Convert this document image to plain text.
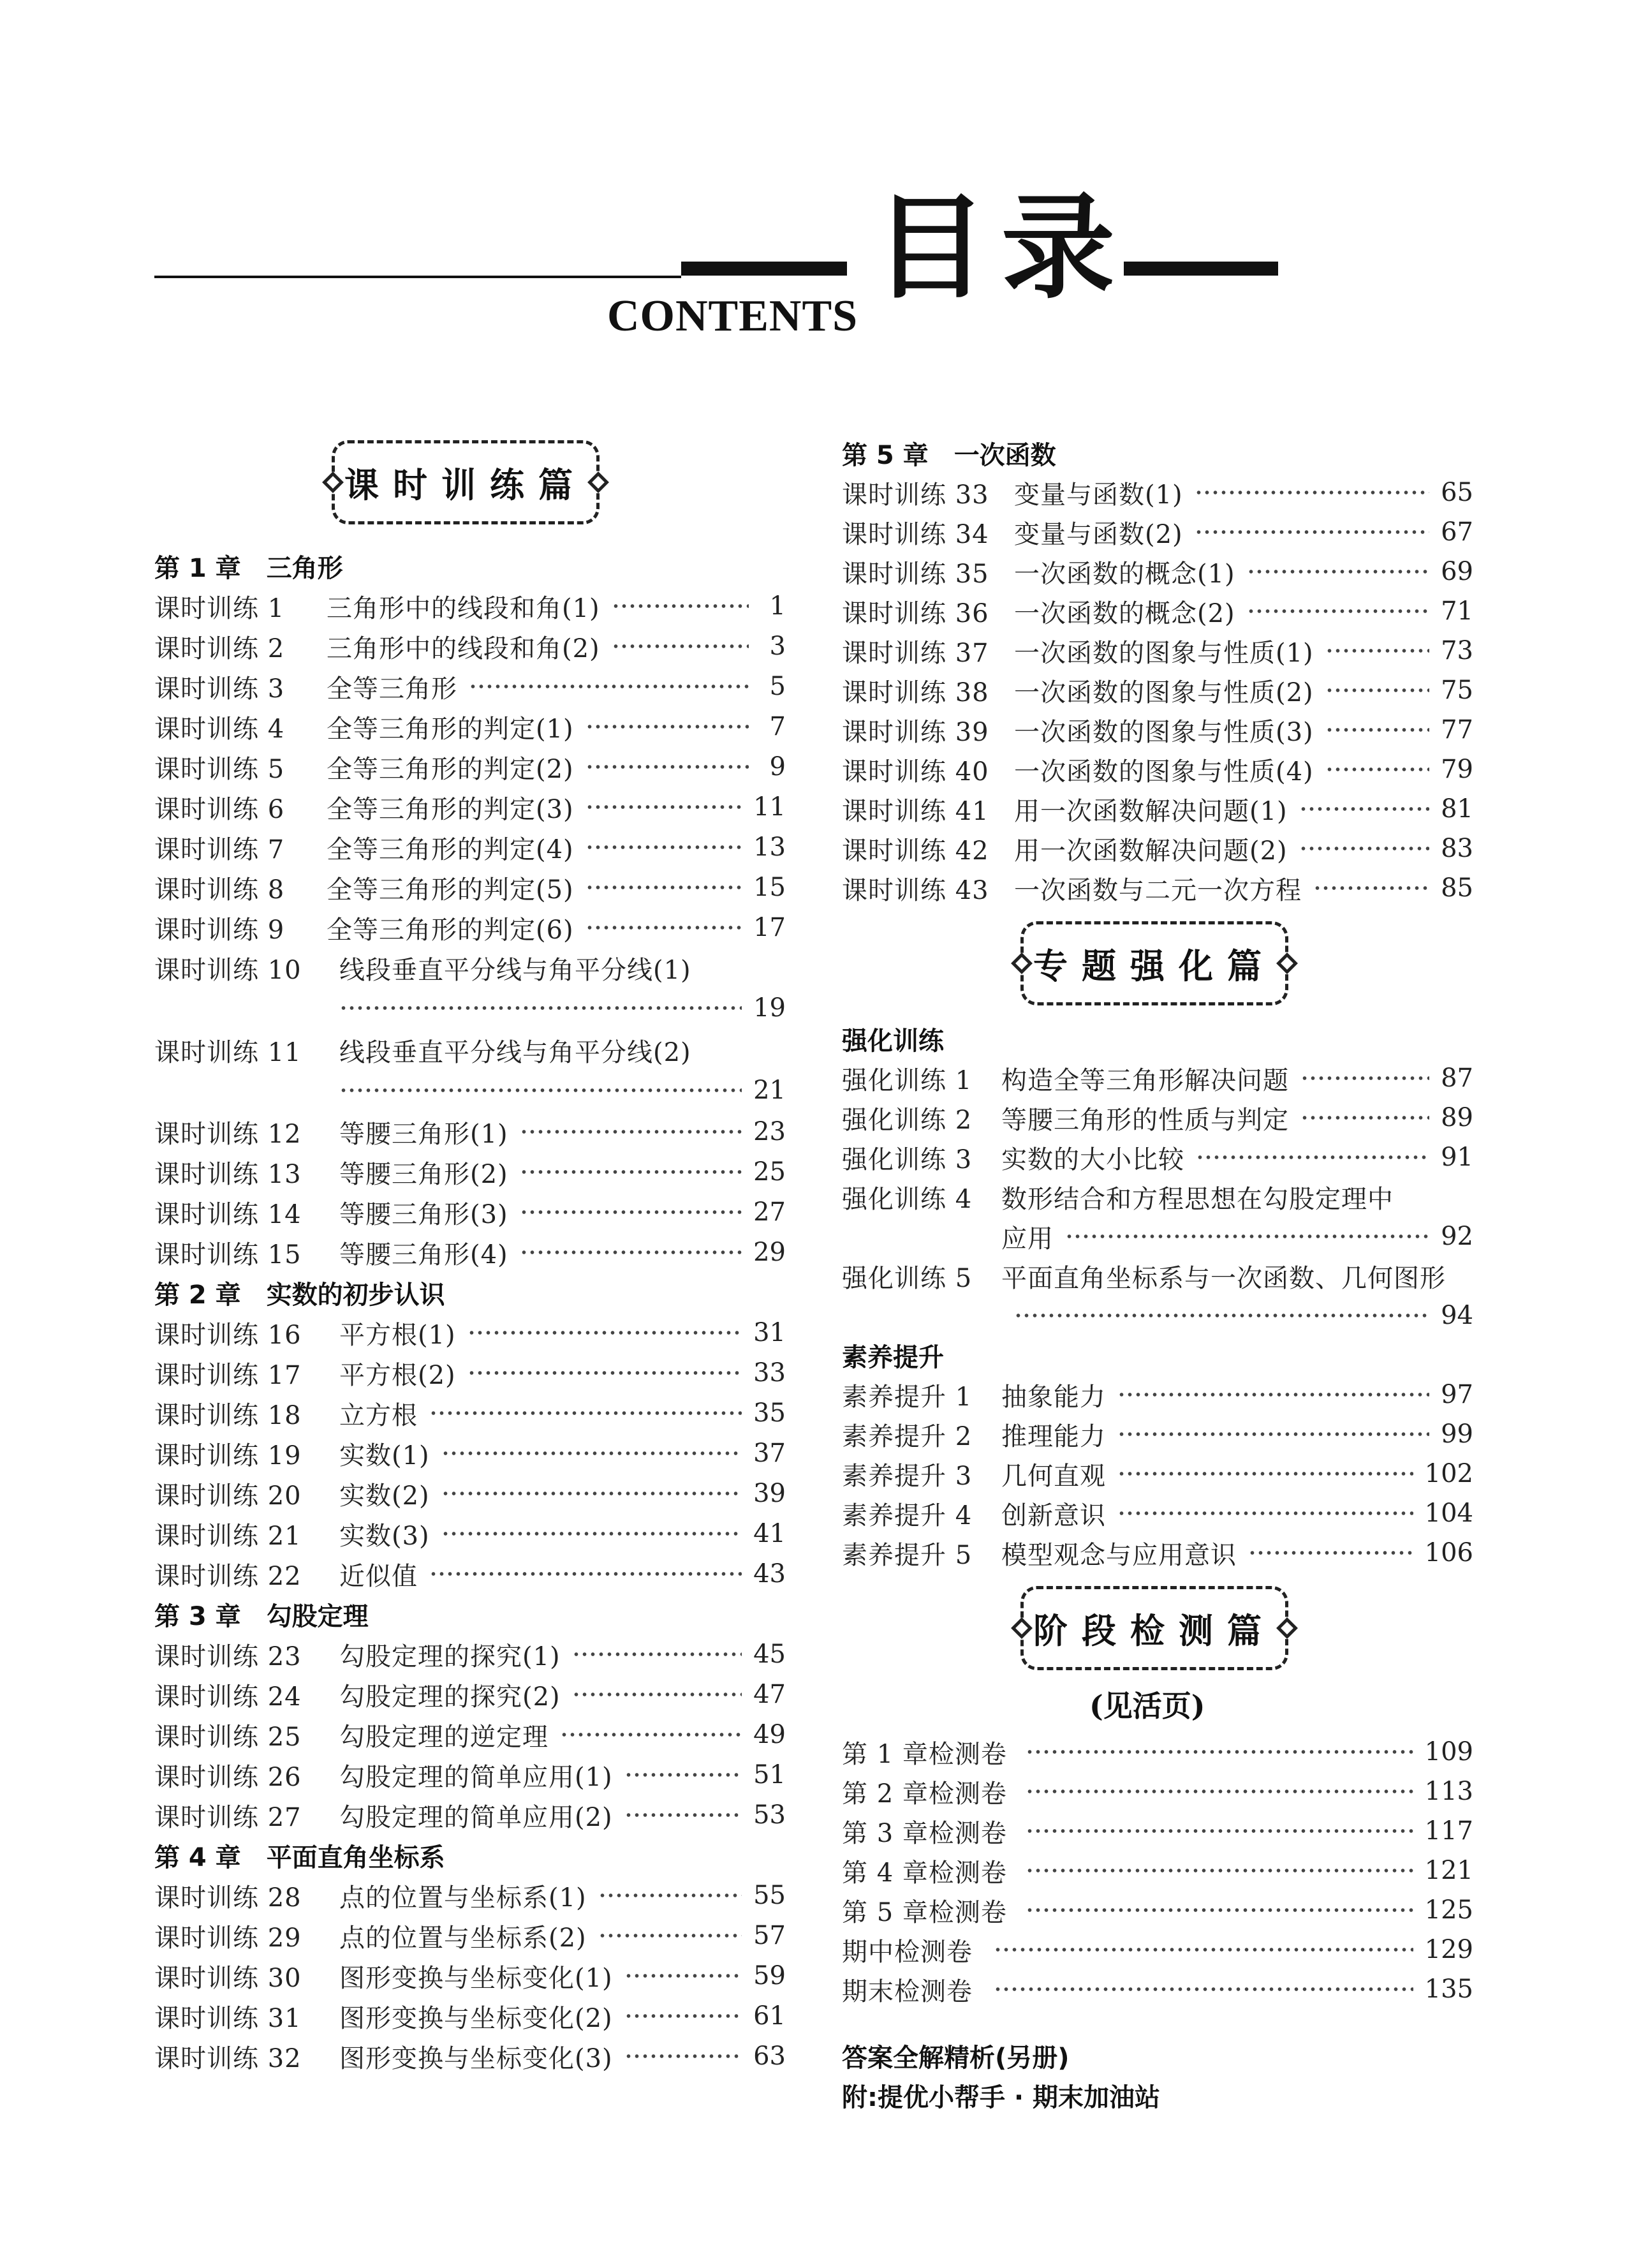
目录
CONTENTS
课时训练篇
第 1 章 三角形
课时训练 1	三角形中的线段和角(1)	1
课时训练 2	三角形中的线段和角(2)	3
课时训练 3	全等三角形	5
课时训练 4	全等三角形的判定(1)	7
课时训练 5	全等三角形的判定(2)	9
课时训练 6	全等三角形的判定(3)	11
课时训练 7	全等三角形的判定(4)	13
课时训练 8	全等三角形的判定(5)	15
课时训练 9	全等三角形的判定(6)	17
课时训练 10	线段垂直平分线与角平分线(1)
19
课时训练 11	线段垂直平分线与角平分线(2)
21
课时训练 12	等腰三角形(1)	23
课时训练 13	等腰三角形(2)	25
课时训练 14	等腰三角形(3)	27
课时训练 15	等腰三角形(4)	29
第 2 章 实数的初步认识
课时训练 16	平方根(1)	31
课时训练 17	平方根(2)	33
课时训练 18	立方根	35
课时训练 19	实数(1)	37
课时训练 20	实数(2)	39
课时训练 21	实数(3)	41
课时训练 22	近似值	43
第 3 章 勾股定理
课时训练 23	勾股定理的探究(1)	45
课时训练 24	勾股定理的探究(2)	47
课时训练 25	勾股定理的逆定理	49
课时训练 26	勾股定理的简单应用(1)	51
课时训练 27	勾股定理的简单应用(2)	53
第 4 章 平面直角坐标系
课时训练 28	点的位置与坐标系(1)	55
课时训练 29	点的位置与坐标系(2)	57
课时训练 30	图形变换与坐标变化(1)	59
课时训练 31	图形变换与坐标变化(2)	61
课时训练 32	图形变换与坐标变化(3)	63
第 5 章 一次函数
课时训练 33 变量与函数(1)	65
课时训练 34 变量与函数(2)	67
课时训练 35 一次函数的概念(1)	69
课时训练 36 一次函数的概念(2)	71
课时训练 37 一次函数的图象与性质(1)	73
课时训练 38 一次函数的图象与性质(2)	75
课时训练 39 一次函数的图象与性质(3)	77
课时训练 40 一次函数的图象与性质(4)	79
课时训练 41 用一次函数解决问题(1)	81
课时训练 42 用一次函数解决问题(2)	83
课时训练 43 一次函数与二元一次方程	85
专题强化篇
强化训练
强化训练 1	构造全等三角形解决问题	87
强化训练 2	等腰三角形的性质与判定	89
强化训练 3	实数的大小比较	91
强化训练 4	数形结合和方程思想在勾股定理中
应用	92
强化训练 5	平面直角坐标系与一次函数、几何图形
94
素养提升
素养提升 1	抽象能力	97
素养提升 2	推理能力	99
素养提升 3	几何直观	102
素养提升 4	创新意识	104
素养提升 5	模型观念与应用意识	106
阶段检测篇
(见活页)
第 1 章检测卷	109
第 2 章检测卷	113
第 3 章检测卷	117
第 4 章检测卷	121
第 5 章检测卷	125
期中检测卷	129
期末检测卷	135
答案全解精析(另册)
附:提优小帮手 · 期末加油站
